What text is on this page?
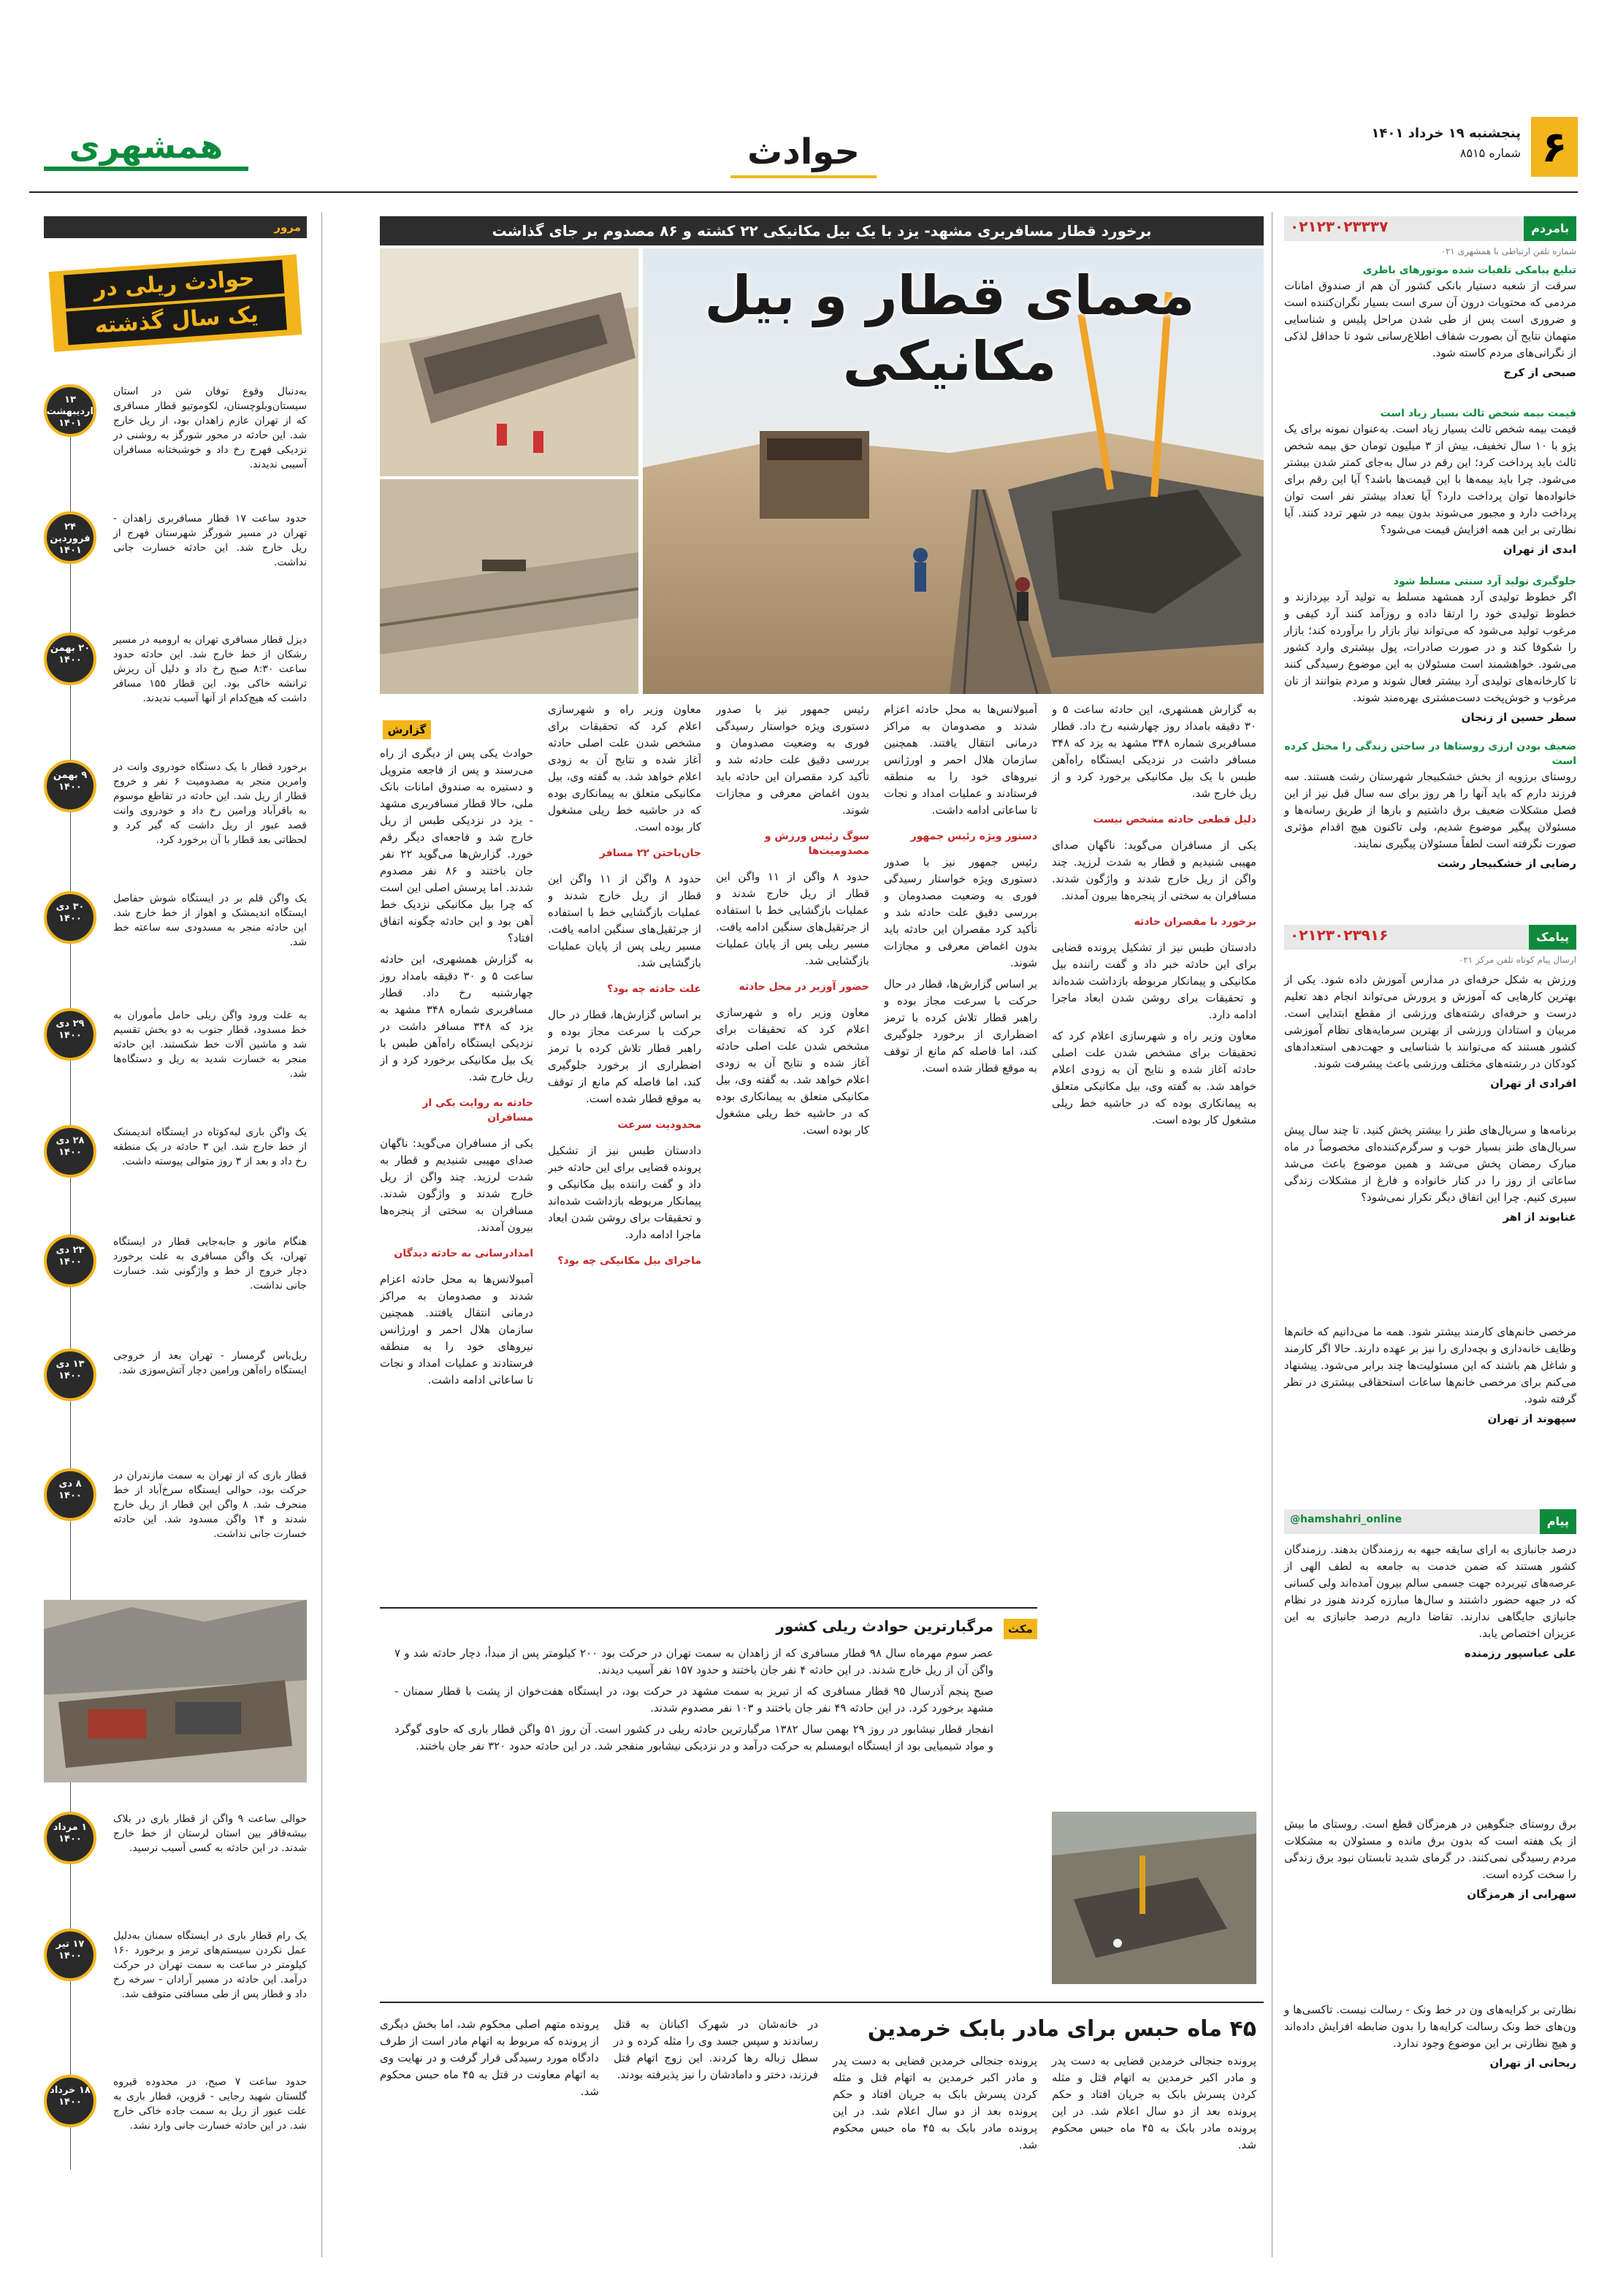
۶
پنجشنبه ۱۹ خرداد ۱۴۰۱
شماره ۸۵۱۵
حوادث
همشهری
بامردم
۰۲۱۲۳۰۲۳۳۳۷
شماره تلفن ارتباطی با همشهری ۰۲۱
تبلیغ پیامکی تلفیات شده موتورهای باطری
سرقت از شعبه دستیار بانکی کشور آن هم از صندوق امانات مردمی که محتویات درون آن سری است بسیار نگران‌کننده است و ضروری است پس از طی شدن مراحل پلیس و شناسایی متهمان نتایج آن بصورت شفاف اطلاع‌رسانی شود تا حداقل لذکی از نگرانی‌های مردم کاسته شود.
صبحی از کرج
قیمت بیمه شخص ثالث بسیار زیاد است
قیمت بیمه شخص ثالث بسیار زیاد است. به‌عنوان نمونه برای یک پژو با ۱۰ سال تخفیف، بیش از ۳ میلیون تومان حق بیمه شخص ثالث باید پرداخت کرد؛ این رقم در سال به‌جای کمتر شدن بیشتر می‌شود. چرا باید بیمه‌ها با این قیمت‌ها باشد؟ آیا این رقم برای خانواده‌ها توان پرداخت دارد؟ آیا تعداد بیشتر نفر است توان پرداخت دارد و مجبور می‌شوند بدون بیمه در شهر تردد کنند. آیا نظارتی بر این همه افزایش قیمت می‌شود؟
ابدی از تهران
جلوگیری تولید آرد سنتی مسلط شود
اگر خطوط تولیدی آرد همشهد مسلط به تولید آرد بپردازند و خطوط تولیدی خود را ارتقا داده و روزآمد کنند آرد کیفی و مرغوب تولید می‌شود که می‌تواند نیاز بازار را برآورده کند؛ بازار را شکوفا کند و در صورت صادرات، پول بیشتری وارد کشور می‌شود. خواهشمند است مسئولان به این موضوع رسیدگی کنند تا کارخانه‌های تولیدی آرد بیشتر فعال شوند و مردم بتوانند از نان مرغوب و خوش‌پخت دست‌مشتری بهره‌مند شوند.
سطر حسین از زنجان
ضعیف بودن ارزی روستاها در ساختن زندگی را مختل کرده است
روستای برزویه از بخش خشکبیجار شهرستان رشت هستند. سه فرزند دارم که باید آنها را هر روز برای سه سال قبل نیز از این فصل مشکلات ضعیف برق داشتیم و بارها از طریق رسانه‌ها و مسئولان پیگیر موضوع شدیم، ولی تاکنون هیچ اقدام مؤثری صورت نگرفته است لطفاً مسئولان پیگیری نمایند.
رضایی از خشکبیجار رشت
پیامک
۰۲۱۲۳۰۲۳۹۱۶
ارسال پیام کوتاه تلفن مرکز ۰۲۱
ورزش به شکل حرفه‌ای در مدارس آموزش داده شود. یکی از بهترین کارهایی که آموزش و پرورش می‌تواند انجام دهد تعلیم درست و حرفه‌ای رشته‌های ورزشی از مقطع ابتدایی است. مربیان و استادان ورزشی از بهترین سرمایه‌های نظام آموزشی کشور هستند که می‌توانند با شناسایی و جهت‌دهی استعدادهای کودکان در رشته‌های مختلف ورزشی باعث پیشرفت شوند.
افرادی از تهران
برنامه‌ها و سریال‌های طنز را بیشتر پخش کنید. تا چند سال پیش سریال‌های طنز بسیار خوب و سرگرم‌کننده‌ای مخصوصاً در ماه مبارک رمضان پخش می‌شد و همین موضوع باعث می‌شد ساعاتی از روز را در کنار خانواده و فارغ از مشکلات زندگی سپری کنیم. چرا این اتفاق دیگر تکرار نمی‌شود؟
غنابوند از اهر
مرخصی خانم‌های کارمند بیشتر شود. همه ما می‌دانیم که خانم‌ها وظایف خانه‌داری و بچه‌داری را نیز بر عهده دارند. حالا اگر کارمند و شاغل هم باشند که این مسئولیت‌ها چند برابر می‌شود. پیشنهاد می‌کنم برای مرخصی خانم‌ها ساعات استحقاقی بیشتری در نظر گرفته شود.
سپهوند از تهران
پیام
@hamshahri_online
درصد جانبازی به ارای سایقه جبهه به رزمندگان بدهند. رزمندگان کشور هستند که ضمن خدمت به جامعه به لطف الهی از عرصه‌های تیربرده جهت جسمی سالم بیرون آمده‌اند ولی کسانی که در جبهه حضور داشتند و سال‌ها مبارزه کردند هنوز در نظام جانبازی جایگاهی ندارند. تقاضا داریم درصد جانبازی به این عزیزان اختصاص یابد.
علی عباسپور رزمنده
برق روستای جنگوهین در هرمزگان قطع است. روستای ما بیش از یک هفته است که بدون برق مانده و مسئولان به مشکلات مردم رسیدگی نمی‌کنند. در گرمای شدید تابستان نبود برق زندگی را سخت کرده است.
سهرابی از هرمزگان
نظارتی بر کرایه‌های ون در خط ونک - رسالت نیست. تاکسی‌ها و ون‌های خط ونک رسالت کرایه‌ها را بدون ضابطه افزایش داده‌اند و هیچ نظارتی بر این موضوع وجود ندارد.
ربحانی از تهران
برخورد قطار مسافربری مشهد- یزد با یک بیل مکانیکی ۲۲ کشته و ۸۶ مصدوم بر جای گذاشت
معمای قطار و بیل مکانیکی
گزارش

حوادث یکی پس از دیگری از راه می‌رسند و پس از فاجعه متروپل و دستیره به صندوق امانات بانک ملی، حالا قطار مسافربری مشهد - یزد در نزدیکی طبس از ریل خارج شد و فاجعه‌ای دیگر رقم خورد. گزارش‌ها می‌گوید ۲۲ نفر جان باختند و ۸۶ نفر مصدوم شدند. اما پرسش اصلی این است که چرا بیل مکانیکی نزدیک خط آهن بود و این حادثه چگونه اتفاق افتاد؟

به گزارش همشهری، این حادثه ساعت ۵ و ۳۰ دقیقه بامداد روز چهارشنبه رخ داد. قطار مسافربری شماره ۳۴۸ مشهد به یزد که ۳۴۸ مسافر داشت در نزدیکی ایستگاه راه‌آهن طبس با یک بیل مکانیکی برخورد کرد و از ریل خارج شد.

حادثه به روایت یکی از مسافران

یکی از مسافران می‌گوید: ناگهان صدای مهیبی شنیدیم و قطار به شدت لرزید. چند واگن از ریل خارج شدند و واژگون شدند. مسافران به سختی از پنجره‌ها بیرون آمدند.

امدادرسانی به حادثه دیدگان

آمبولانس‌ها به محل حادثه اعزام شدند و مصدومان به مراکز درمانی انتقال یافتند. همچنین سازمان هلال احمر و اورژانس نیروهای خود را به منطقه فرستادند و عملیات امداد و نجات تا ساعاتی ادامه داشت.

معاون وزیر راه و شهرسازی اعلام کرد که تحقیقات برای مشخص شدن علت اصلی حادثه آغاز شده و نتایج آن به زودی اعلام خواهد شد. به گفته وی، بیل مکانیکی متعلق به پیمانکاری بوده که در حاشیه خط ریلی مشغول کار بوده است.

جان‌باختن ۲۲ مسافر

حدود ۸ واگن از ۱۱ واگن این قطار از ریل خارج شدند و عملیات بازگشایی خط با استفاده از جرثقیل‌های سنگین ادامه یافت. مسیر ریلی پس از پایان عملیات بازگشایی شد.

علت حادثه چه بود؟

بر اساس گزارش‌ها، قطار در حال حرکت با سرعت مجاز بوده و راهبر قطار تلاش کرده با ترمز اضطراری از برخورد جلوگیری کند، اما فاصله کم مانع از توقف به موقع قطار شده است.

محدودیت سرعت

دادستان طبس نیز از تشکیل پرونده قضایی برای این حادثه خبر داد و گفت راننده بیل مکانیکی و پیمانکار مربوطه بازداشت شده‌اند و تحقیقات برای روشن شدن ابعاد ماجرا ادامه دارد.

ماجرای بیل مکانیکی چه بود؟

رئیس جمهور نیز با صدور دستوری ویژه خواستار رسیدگی فوری به وضعیت مصدومان و بررسی دقیق علت حادثه شد و تأکید کرد مقصران این حادثه باید بدون اغماض معرفی و مجازات شوند.

سوگ رئیس ورزش و مصدومیت‌ها

حدود ۸ واگن از ۱۱ واگن این قطار از ریل خارج شدند و عملیات بازگشایی خط با استفاده از جرثقیل‌های سنگین ادامه یافت. مسیر ریلی پس از پایان عملیات بازگشایی شد.

حضور آوزیر در محل حادثه

معاون وزیر راه و شهرسازی اعلام کرد که تحقیقات برای مشخص شدن علت اصلی حادثه آغاز شده و نتایج آن به زودی اعلام خواهد شد. به گفته وی، بیل مکانیکی متعلق به پیمانکاری بوده که در حاشیه خط ریلی مشغول کار بوده است.

آمبولانس‌ها به محل حادثه اعزام شدند و مصدومان به مراکز درمانی انتقال یافتند. همچنین سازمان هلال احمر و اورژانس نیروهای خود را به منطقه فرستادند و عملیات امداد و نجات تا ساعاتی ادامه داشت.

دستور ویژه رئیس جمهور

رئیس جمهور نیز با صدور دستوری ویژه خواستار رسیدگی فوری به وضعیت مصدومان و بررسی دقیق علت حادثه شد و تأکید کرد مقصران این حادثه باید بدون اغماض معرفی و مجازات شوند.

بر اساس گزارش‌ها، قطار در حال حرکت با سرعت مجاز بوده و راهبر قطار تلاش کرده با ترمز اضطراری از برخورد جلوگیری کند، اما فاصله کم مانع از توقف به موقع قطار شده است.

به گزارش همشهری، این حادثه ساعت ۵ و ۳۰ دقیقه بامداد روز چهارشنبه رخ داد. قطار مسافربری شماره ۳۴۸ مشهد به یزد که ۳۴۸ مسافر داشت در نزدیکی ایستگاه راه‌آهن طبس با یک بیل مکانیکی برخورد کرد و از ریل خارج شد.

دلیل قطعی حادثه مشخص نیست

یکی از مسافران می‌گوید: ناگهان صدای مهیبی شنیدیم و قطار به شدت لرزید. چند واگن از ریل خارج شدند و واژگون شدند. مسافران به سختی از پنجره‌ها بیرون آمدند.

برخورد با مقصران حادثه

دادستان طبس نیز از تشکیل پرونده قضایی برای این حادثه خبر داد و گفت راننده بیل مکانیکی و پیمانکار مربوطه بازداشت شده‌اند و تحقیقات برای روشن شدن ابعاد ماجرا ادامه دارد.

معاون وزیر راه و شهرسازی اعلام کرد که تحقیقات برای مشخص شدن علت اصلی حادثه آغاز شده و نتایج آن به زودی اعلام خواهد شد. به گفته وی، بیل مکانیکی متعلق به پیمانکاری بوده که در حاشیه خط ریلی مشغول کار بوده است.

مکث
مرگبارترین حوادث ریلی کشور

عصر سوم مهرماه سال ۹۸ قطار مسافری که از زاهدان به سمت تهران در حرکت بود ۲۰۰ کیلومتر پس از مبدأ، دچار حادثه شد و ۷ واگن آن از ریل خارج شدند. در این حادثه ۴ نفر جان باختند و حدود ۱۵۷ نفر آسیب دیدند.

صبح پنجم آذرسال ۹۵ قطار مسافری که از تبریز به سمت مشهد در حرکت بود، در ایستگاه هفت‌خوان از پشت با قطار سمنان - مشهد برخورد کرد. در این حادثه ۴۹ نفر جان باختند و ۱۰۳ نفر مصدوم شدند.

انفجار قطار نیشابور در روز ۲۹ بهمن سال ۱۳۸۲ مرگبارترین حادثه ریلی در کشور است. آن روز ۵۱ واگن قطار باری که حاوی گوگرد و مواد شیمیایی بود از ایستگاه ابومسلم به حرکت درآمد و در نزدیکی نیشابور منفجر شد. در این حادثه حدود ۳۲۰ نفر جان باختند.

۴۵ ماه حبس برای مادر بابک خرمدین

پرونده جنجالی خرمدین قضایی به دست پدر و مادر اکبر خرمدین به اتهام قتل و مثله کردن پسرش بابک به جریان افتاد و حکم پرونده بعد از دو سال اعلام شد. در این پرونده مادر بابک به ۴۵ ماه حبس محکوم شد.

پرونده جنجالی خرمدین قضایی به دست پدر و مادر اکبر خرمدین به اتهام قتل و مثله کردن پسرش بابک به جریان افتاد و حکم پرونده بعد از دو سال اعلام شد. در این پرونده مادر بابک به ۴۵ ماه حبس محکوم شد.

در خانه‌شان در شهرک اکباتان به قتل رساندند و سپس جسد وی را مثله کرده و در سطل زباله رها کردند. این زوج اتهام قتل فرزند، دختر و دامادشان را نیز پذیرفته بودند.

پرونده متهم اصلی محکوم شد، اما بخش دیگری از پرونده که مربوط به اتهام مادر است از طرف دادگاه مورد رسیدگی قرار گرفت و در نهایت وی به اتهام معاونت در قتل به ۴۵ ماه حبس محکوم شد.

مرور
حوادث ریلی در
یک سال گذشته
۱۳ اردیبهشت ۱۴۰۱
به‌دنبال وقوع توفان شن در استان سیستان‌وبلوچستان، لکوموتیو قطار مسافری که از تهران عازم زاهدان بود، از ریل خارج شد. این حادثه در محور شورگز به روشنی در نزدیکی فهرج رخ داد و خوشبختانه مسافران آسیبی ندیدند.
۲۴ فروردین ۱۴۰۱
حدود ساعت ۱۷ قطار مسافربری زاهدان - تهران در مسیر شورگز شهرستان فهرج از ریل خارج شد. این حادثه خسارت جانی نداشت.
۲۰ بهمن ۱۴۰۰
دیزل قطار مسافری تهران به ارومیه در مسیر رشکان از خط خارج شد. این حادثه حدود ساعت ۸:۳۰ صبح رخ داد و دلیل آن ریزش ترانشه خاکی بود. این قطار ۱۵۵ مسافر داشت که هیچ‌کدام از آنها آسیب ندیدند.
۹ بهمن ۱۴۰۰
برخورد قطار با یک دستگاه خودروی وانت در وامرین منجر به مصدومیت ۶ نفر و خروج قطار از ریل شد. این حادثه در تقاطع موسوم به باقرآباد ورامین رخ داد و خودروی وانت قصد عبور از ریل داشت که گیر کرد و لحظاتی بعد قطار با آن برخورد کرد.
۳۰ دی ۱۴۰۰
یک واگن قلم بر در ایستگاه شوش حفاصل ایستگاه اندیمشک و اهواز از خط خارج شد. این حادثه منجر به مسدودی سه ساعته خط شد.
۲۹ دی ۱۴۰۰
به علت ورود واگن ریلی حامل مأموران به خط مسدود، قطار جنوب به دو بخش تقسیم شد و ماشین آلات خط شکستند. این حادثه منجر به خسارت شدید به ریل و دستگاه‌ها شد.
۲۸ دی ۱۴۰۰
یک واگن باری لبه‌کوتاه در ایستگاه اندیمشک از خط خارج شد. این ۳ حادثه در یک منطقه رخ داد و بعد از ۳ روز متوالی پیوسته داشت.
۲۳ دی ۱۴۰۰
هنگام مانور و جابه‌جایی قطار در ایستگاه تهران، یک واگن مسافری به علت برخورد دچار خروج از خط و واژگونی شد. خسارت جانی نداشت.
۱۳ دی ۱۴۰۰
ریل‌باس گرمسار - تهران بعد از خروجی ایستگاه راه‌آهن ورامین دچار آتش‌سوزی شد.
۸ دی ۱۴۰۰
قطار باری که از تهران به سمت مازندران در حرکت بود، حوالی ایستگاه سرخ‌آباد از خط منحرف شد. ۸ واگن این قطار از ریل خارج شدند و ۱۴ واگن مسدود شد. این حادثه خسارت جانی نداشت.
۱ مرداد ۱۴۰۰
حوالی ساعت ۹ واگن از قطار باری در بلاک بیشه‌قاقر بین استان لرستان از خط خارج شدند. در این حادثه به کسی آسیب نرسید.
۱۷ تیر ۱۴۰۰
یک رام قطار باری در ایستگاه سمنان به‌دلیل عمل نکردن سیستم‌های ترمز و برخورد ۱۶۰ کیلومتر در ساعت به سمت تهران در حرکت درآمد. این حادثه در مسیر آرادان - سرخه رخ داد و قطار پس از طی مسافتی متوقف شد.
۱۸ خرداد ۱۴۰۰
حدود ساعت ۷ صبح، در محدوده قیروه گلستان شهید رجایی - قزوین، قطار باری به علت عبور از ریل به سمت جاده خاکی خارج شد. در این حادثه خسارت جانی وارد نشد.
